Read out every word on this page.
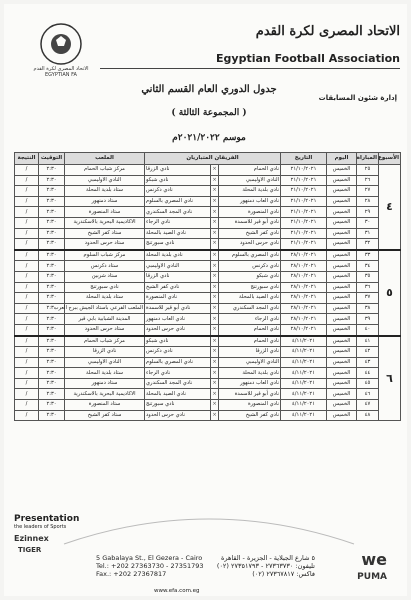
الاتحاد المصرى لكرة القدم EGYPTIAN FA
الاتحاد المصرى لكرة القدم
Egyptian Football Association
جدول الدوري العام القسم الثاني
إدارة شئون المسابقات
( المجموعة الثالثة )
موسم ٢٠٢١/٢٠٢٢م
الأسبوع	المباراة	اليوم	التاريخ	الفريقان المتباريان			الملعب	التوقيت	النتيجة
٤	٢٥	الخميس	٢١/١٠/٢٠٢١	نادي الحمام	×	نادي الزرقا	مركز شباب الحمام	٢:٣٠	/
	٢٦	الخميس	٢١/١٠/٢٠٢١	النادي الاوليمبي	×	نادي شبكو	النادي الاوليمبي	٢:٣٠	/
	٢٧	الخميس	٢١/١٠/٢٠٢١	نادي بلدية المحلة	×	نادي دكرنس	ستاد بلدية المحلة	٢:٣٠	/
	٢٨	الخميس	٢١/١٠/٢٠٢١	نادي العاب دمنهور	×	نادي المصري بالسلوم	ستاد دمنهور	٢:٣٠	/
	٢٩	الخميس	٢١/١٠/٢٠٢١	نادي المنصورة	×	نادي المجد السكندري	ستاد المنصورة	٢:٣٠	/
	٣٠	الخميس	٢١/١٠/٢٠٢١	نادي أبو قير للاسمدة	×	نادي الرجاء	الاكاديمية البحرية بالاسكندرية	٢:٣٠	/
	٣١	الخميس	٢١/١٠/٢٠٢١	نادي كفر الشيخ	×	نادي الصيد بالمحلة	ستاد كفر الشيخ	٢:٣٠	/
	٣٢	الخميس	٢١/١٠/٢٠٢١	نادي حرس الحدود	×	نادي سبورتنج	ستاد حرس الحدود	٢:٣٠	/
٥	٣٣	الخميس	٢٨/١٠/٢٠٢١	نادي المصري بالسلوم	×	نادي بلدية المحلة	مركز شباب السلوم	٢:٣٠	/
	٣٤	الخميس	٢٨/١٠/٢٠٢١	نادي دكرنس	×	النادي الاوليمبي	ستاد دكرنس	٢:٣٠	/
	٣٥	الخميس	٢٨/١٠/٢٠٢١	نادي شبكو	×	نادي الزرقا	ستاد شربين	٢:٣٠	/
	٣٦	الخميس	٢٨/١٠/٢٠٢١	نادي سبورتنج	×	نادي كفر الشيخ	نادي سبورتنج	٢:٣٠	/
	٣٧	الخميس	٢٨/١٠/٢٠٢١	نادي الصيد بالمحلة	×	نادي المنصورة	ستاد بلدية المحلة	٢:٣٠	/
	٣٨	الخميس	٢٨/١٠/٢٠٢١	نادي المجد السكندري	×	نادي أبو قير للاسمدة	الملعب الفرعي باستاد الجيش ببرج العرب	٢:٣٠	/
	٣٩	الخميس	٢٨/١٠/٢٠٢١	نادي الرجاء	×	نادي العاب دمنهور	المدينة الشبابية بابي قير	٢:٣٠	/
	٤٠	الخميس	٢٨/١٠/٢٠٢١	نادي الحمام	×	نادي حرس الحدود	ستاد حرس الحدود	٢:٣٠	/
٦	٤١	الخميس	٤/١١/٢٠٢١	نادي الحمام	×	نادي شبكو	مركز شباب الحمام	٢:٣٠	/
	٤٢	الخميس	٤/١١/٢٠٢١	نادي الزرقا	×	نادي دكرنس	نادي الزرقا	٢:٣٠	/
	٤٣	الخميس	٤/١١/٢٠٢١	النادي الاوليمبي	×	نادي المصري بالسلوم	النادي الاوليمبي	٢:٣٠	/
	٤٤	الخميس	٤/١١/٢٠٢١	نادي بلدية المحلة	×	نادي الرجاء	ستاد بلدية المحلة	٢:٣٠	/
	٤٥	الخميس	٤/١١/٢٠٢١	نادي العاب دمنهور	×	نادي المجد السكندري	ستاد دمنهور	٢:٣٠	/
	٤٦	الخميس	٤/١١/٢٠٢١	نادي أبو قير للاسمدة	×	نادي الصيد بالمحلة	الاكاديمية البحرية بالاسكندرية	٢:٣٠	/
	٤٧	الخميس	٤/١١/٢٠٢١	نادي المنصورة	×	نادي سبورتنج	ستاد المنصورة	٢:٣٠	/
	٤٨	الخميس	٤/١١/٢٠٢١	نادي كفر الشيخ	×	نادي حرس الحدود	ستاد كفر الشيخ	٢:٣٠	/
Presentation
the leaders of Sports
Ezinnex
TIGER
5 Gabalaya St., El Gezera - Cairo
Tel.: +202 27363730 - 27351793
Fax.: +202 27367817
٥ شارع الجبلاية - الجزيرة - القاهرة
تليفون: ٢٧٣٦٣٧٣٠ - ٢٧٣٥١٧٩٣ (٠٢)
فاكس: ٢٧٣٦٧٨١٧ (٠٢)
www.efa.com.eg
we
PUMA
